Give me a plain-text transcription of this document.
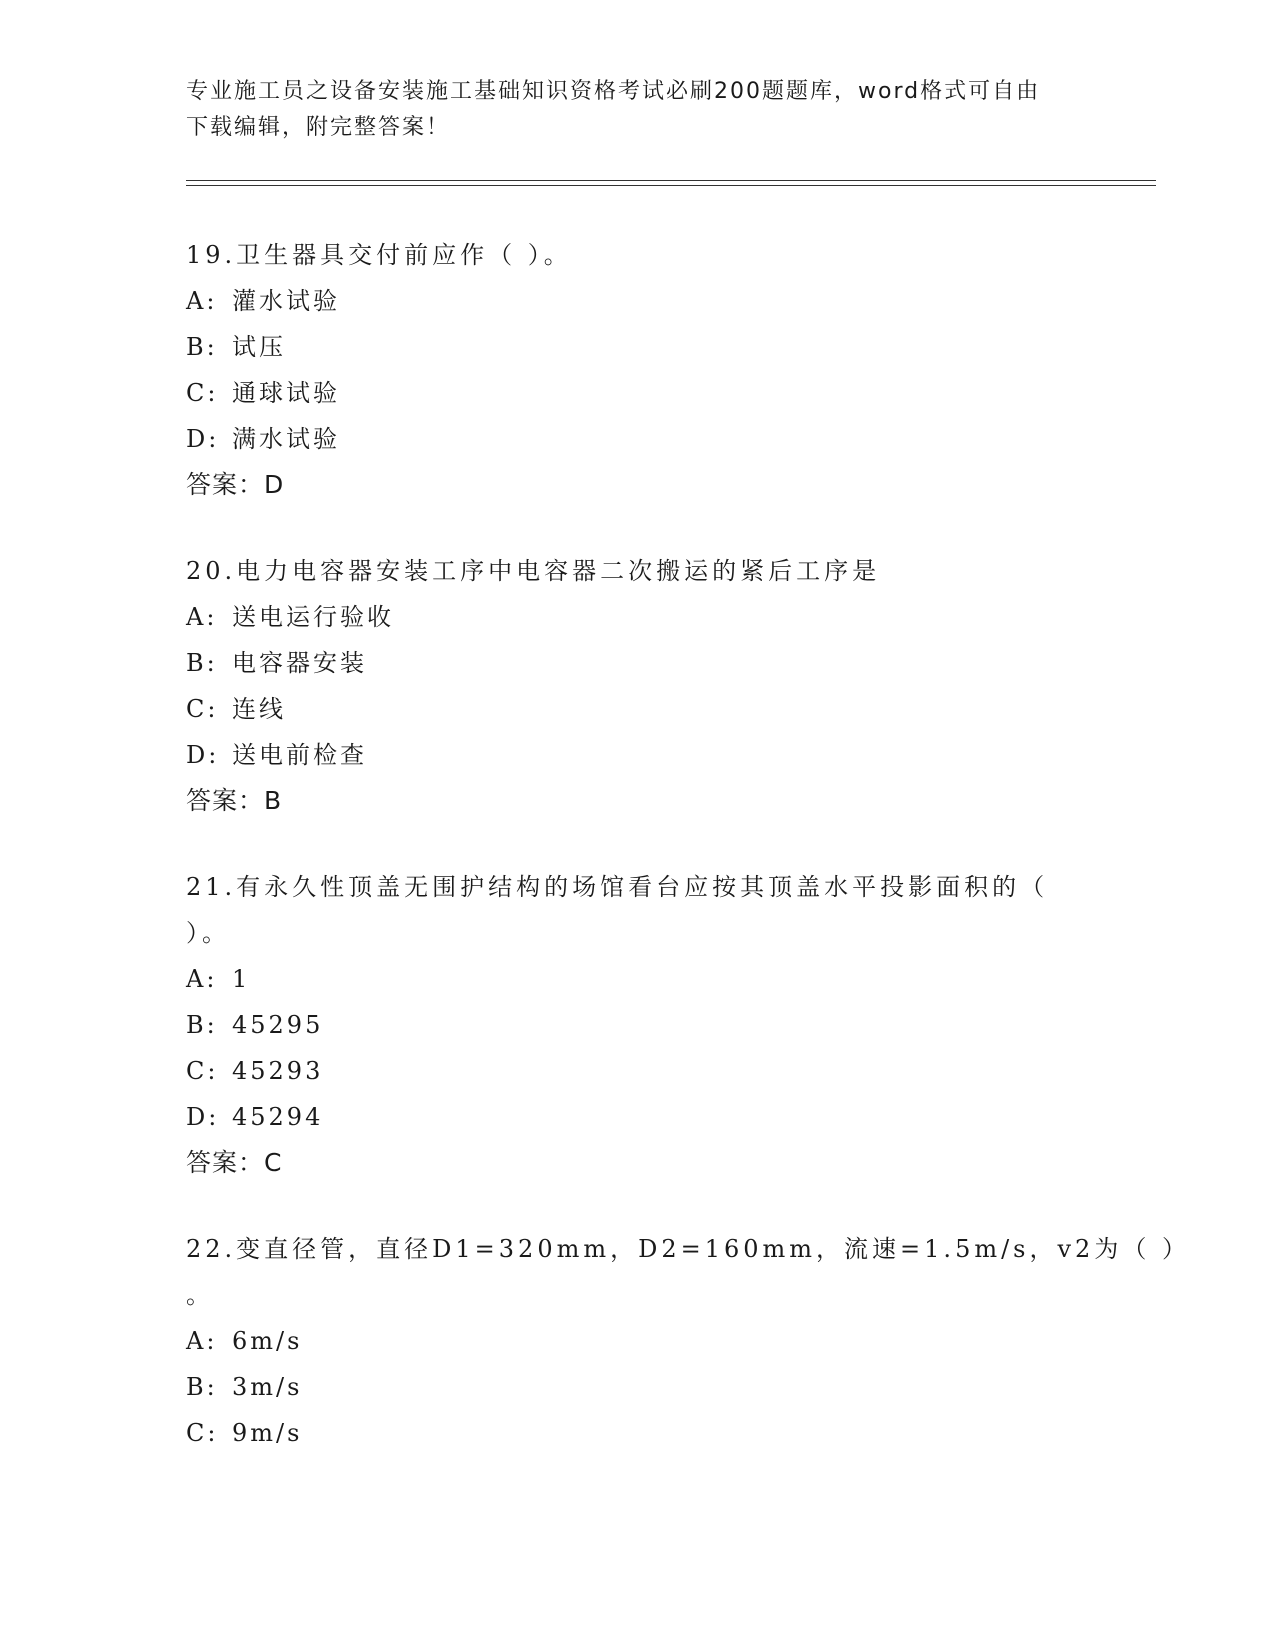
专业施工员之设备安装施工基础知识资格考试必刷200题题库，word格式可自由
下载编辑，附完整答案！
19.卫生器具交付前应作（ ）。
A: 灌水试验
B: 试压
C: 通球试验
D: 满水试验
答案：D
20.电力电容器安装工序中电容器二次搬运的紧后工序是
A: 送电运行验收
B: 电容器安装
C: 连线
D: 送电前检查
答案：B
21.有永久性顶盖无围护结构的场馆看台应按其顶盖水平投影面积的（
）。
A: 1
B: 45295
C: 45293
D: 45294
答案：C
22.变直径管，直径D1=320mm，D2=160mm，流速=1.5m/s，v2为（ ）
。
A: 6m/s
B: 3m/s
C: 9m/s
